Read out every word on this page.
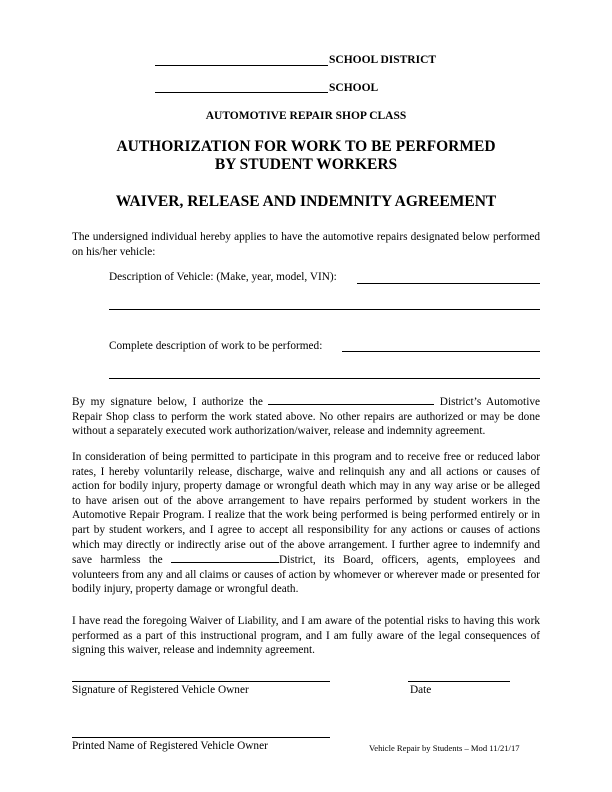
SCHOOL DISTRICT
SCHOOL
AUTOMOTIVE REPAIR SHOP CLASS
AUTHORIZATION FOR WORK TO BE PERFORMED
BY STUDENT WORKERS
WAIVER, RELEASE AND INDEMNITY AGREEMENT
The undersigned individual hereby applies to have the automotive repairs designated below performed on his/her vehicle:
Description of Vehicle: (Make, year, model, VIN):
Complete description of work to be performed:
By my signature below, I authorize the	District’s Automotive Repair Shop class to perform the work stated above. No other repairs are authorized or may be done without a separately executed work authorization/waiver, release and indemnity agreement.
In consideration of being permitted to participate in this program and to receive free or reduced labor rates, I hereby voluntarily release, discharge, waive and relinquish any and all actions or causes of action for bodily injury, property damage or wrongful death which may in any way arise or be alleged to have arisen out of the above arrangement to have repairs performed by student workers in the Automotive Repair Program. I realize that the work being performed is being performed entirely or in part by student workers, and I agree to accept all responsibility for any actions or causes of actions which may directly or indirectly arise out of the above arrangement. I further agree to indemnify and save harmless the	District, its Board, officers, agents, employees and volunteers from any and all claims or causes of action by whomever or wherever made or presented for bodily injury, property damage or wrongful death.
I have read the foregoing Waiver of Liability, and I am aware of the potential risks to having this work performed as a part of this instructional program, and I am fully aware of the legal consequences of signing this waiver, release and indemnity agreement.
Signature of Registered Vehicle Owner	Date
Printed Name of Registered Vehicle Owner	Vehicle Repair by Students – Mod 11/21/17
